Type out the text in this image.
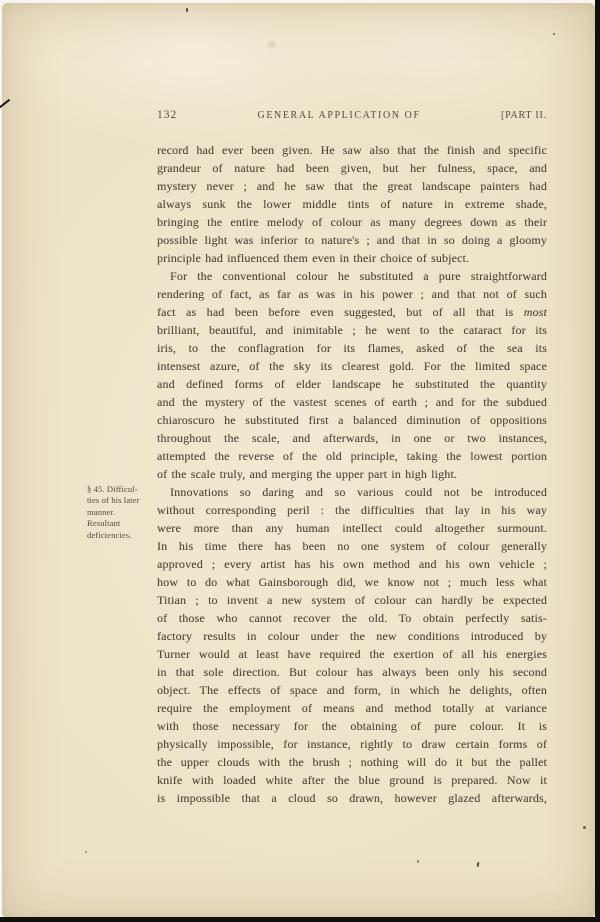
132	GENERAL APPLICATION OF	[PART II.
§ 45. Difficul-
ties of his later
manner.
Resultant
deficiencies.
record had ever been given. He saw also that the finish and specific
grandeur of nature had been given, but her fulness, space, and
mystery never ; and he saw that the great landscape painters had
always sunk the lower middle tints of nature in extreme shade,
bringing the entire melody of colour as many degrees down as their
possible light was inferior to nature's ; and that in so doing a gloomy
principle had influenced them even in their choice of subject.
For the conventional colour he substituted a pure straightforward
rendering of fact, as far as was in his power ; and that not of such
fact as had been before even suggested, but of all that is most
brilliant, beautiful, and inimitable ; he went to the cataract for its
iris, to the conflagration for its flames, asked of the sea its
intensest azure, of the sky its clearest gold. For the limited space
and defined forms of elder landscape he substituted the quantity
and the mystery of the vastest scenes of earth ; and for the subdued
chiaroscuro he substituted first a balanced diminution of oppositions
throughout the scale, and afterwards, in one or two instances,
attempted the reverse of the old principle, taking the lowest portion
of the scale truly, and merging the upper part in high light.
Innovations so daring and so various could not be introduced
without corresponding peril : the difficulties that lay in his way
were more than any human intellect could altogether surmount.
In his time there has been no one system of colour generally
approved ; every artist has his own method and his own vehicle ;
how to do what Gainsborough did, we know not ; much less what
Titian ; to invent a new system of colour can hardly be expected
of those who cannot recover the old. To obtain perfectly satis-
factory results in colour under the new conditions introduced by
Turner would at least have required the exertion of all his energies
in that sole direction. But colour has always been only his second
object. The effects of space and form, in which he delights, often
require the employment of means and method totally at variance
with those necessary for the obtaining of pure colour. It is
physically impossible, for instance, rightly to draw certain forms of
the upper clouds with the brush ; nothing will do it but the pallet
knife with loaded white after the blue ground is prepared. Now it
is impossible that a cloud so drawn, however glazed afterwards,
